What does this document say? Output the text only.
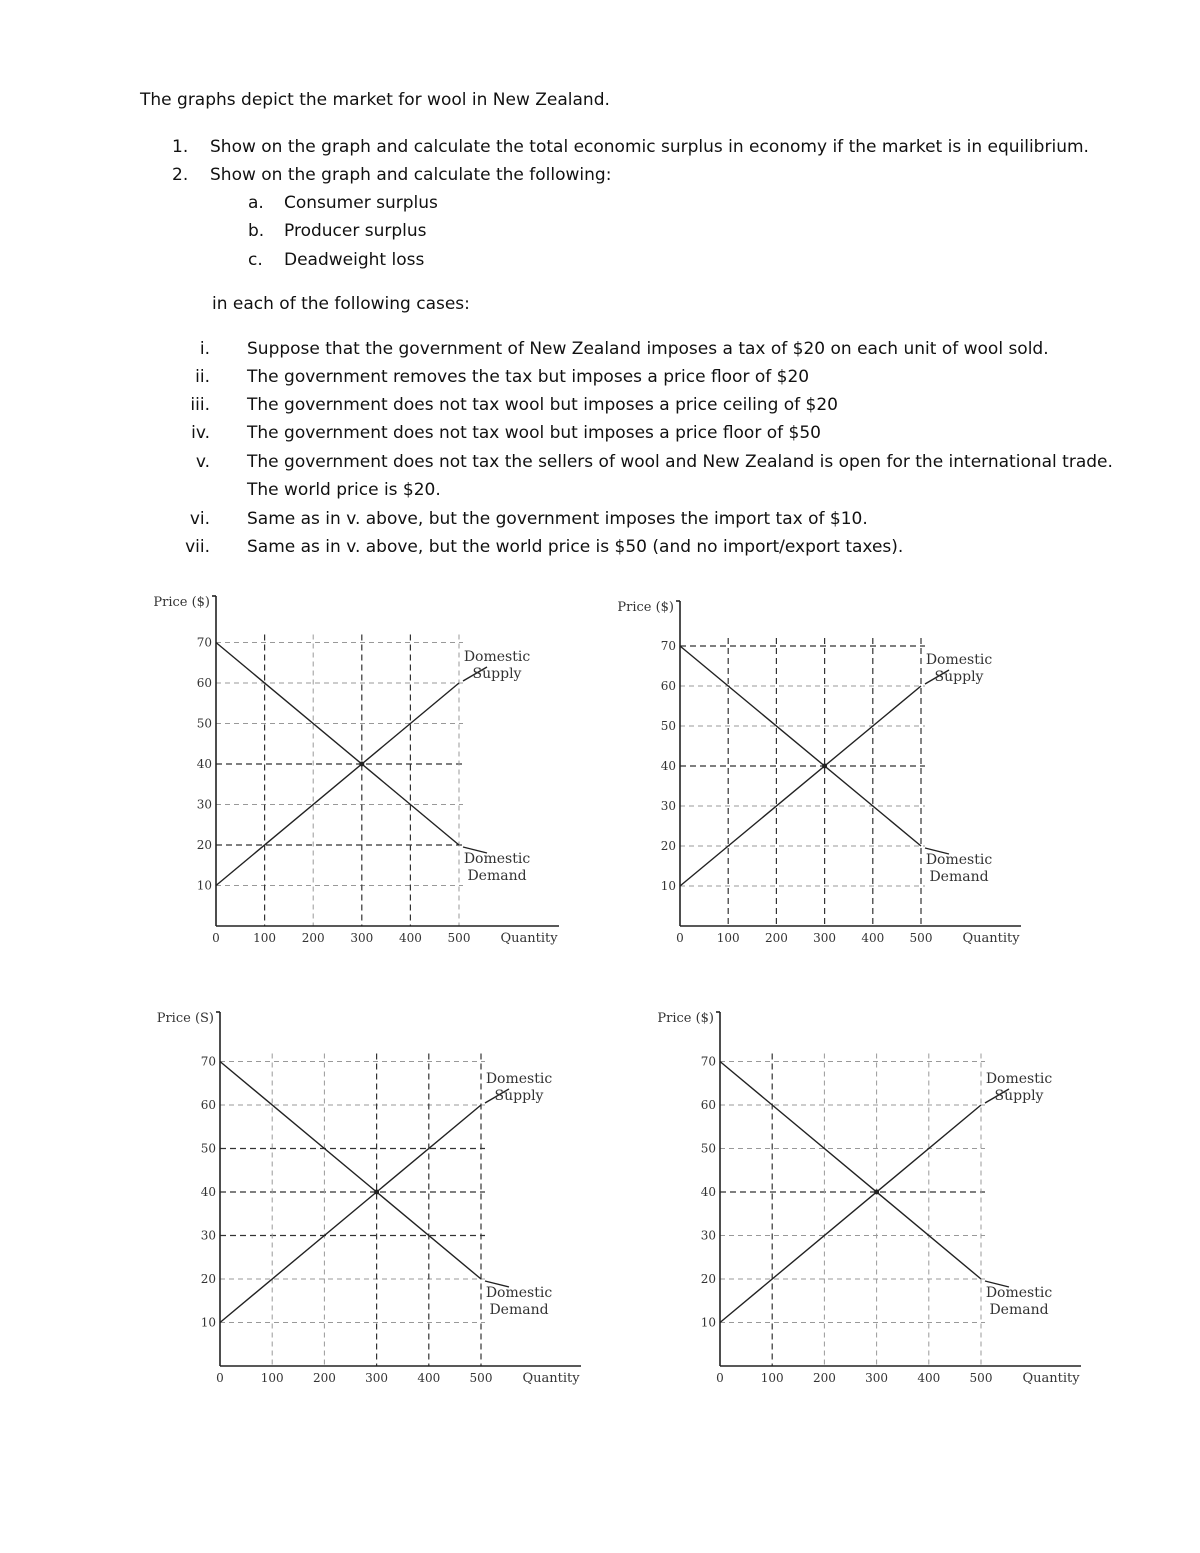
The graphs depict the market for wool in New Zealand.

1. Show on the graph and calculate the total economic surplus in economy if the market is in equilibrium.

2. Show on the graph and calculate the following:

a. Consumer surplus

b. Producer surplus

c. Deadweight loss

in each of the following cases:

i. Suppose that the government of New Zealand imposes a tax of $20 on each unit of wool sold.
ii. The government removes the tax but imposes a price floor of $20
iii. The government does not tax wool but imposes a price ceiling of $20
iv. The government does not tax wool but imposes a price floor of $50
v. The government does not tax the sellers of wool and New Zealand is open for the international trade.
The world price is $20.
vi. Same as in v. above, but the government imposes the import tax of $10.
vii. Same as in v. above, but the world price is $50 (and no import/export taxes).
Price ($)
10
20
30
40
50
60
70
0	100 200 300 400 500 Quantity
Domestic
Supply
Domestic
Demand
Price ($)
10
20
30
40
50
60
70
0	100 200 300 400 500 Quantity
Domestic
Supply
Domestic
Demand
Price (S)
10
20
30
40
50
60
70
0	100 200 300 400 500 Quantity
Domestic
Supply
Domestic
Demand
Price ($)
10
20
30
40
50
60
70
0	100 200 300 400 500 Quantity
Domestic
Supply
Domestic
Demand
